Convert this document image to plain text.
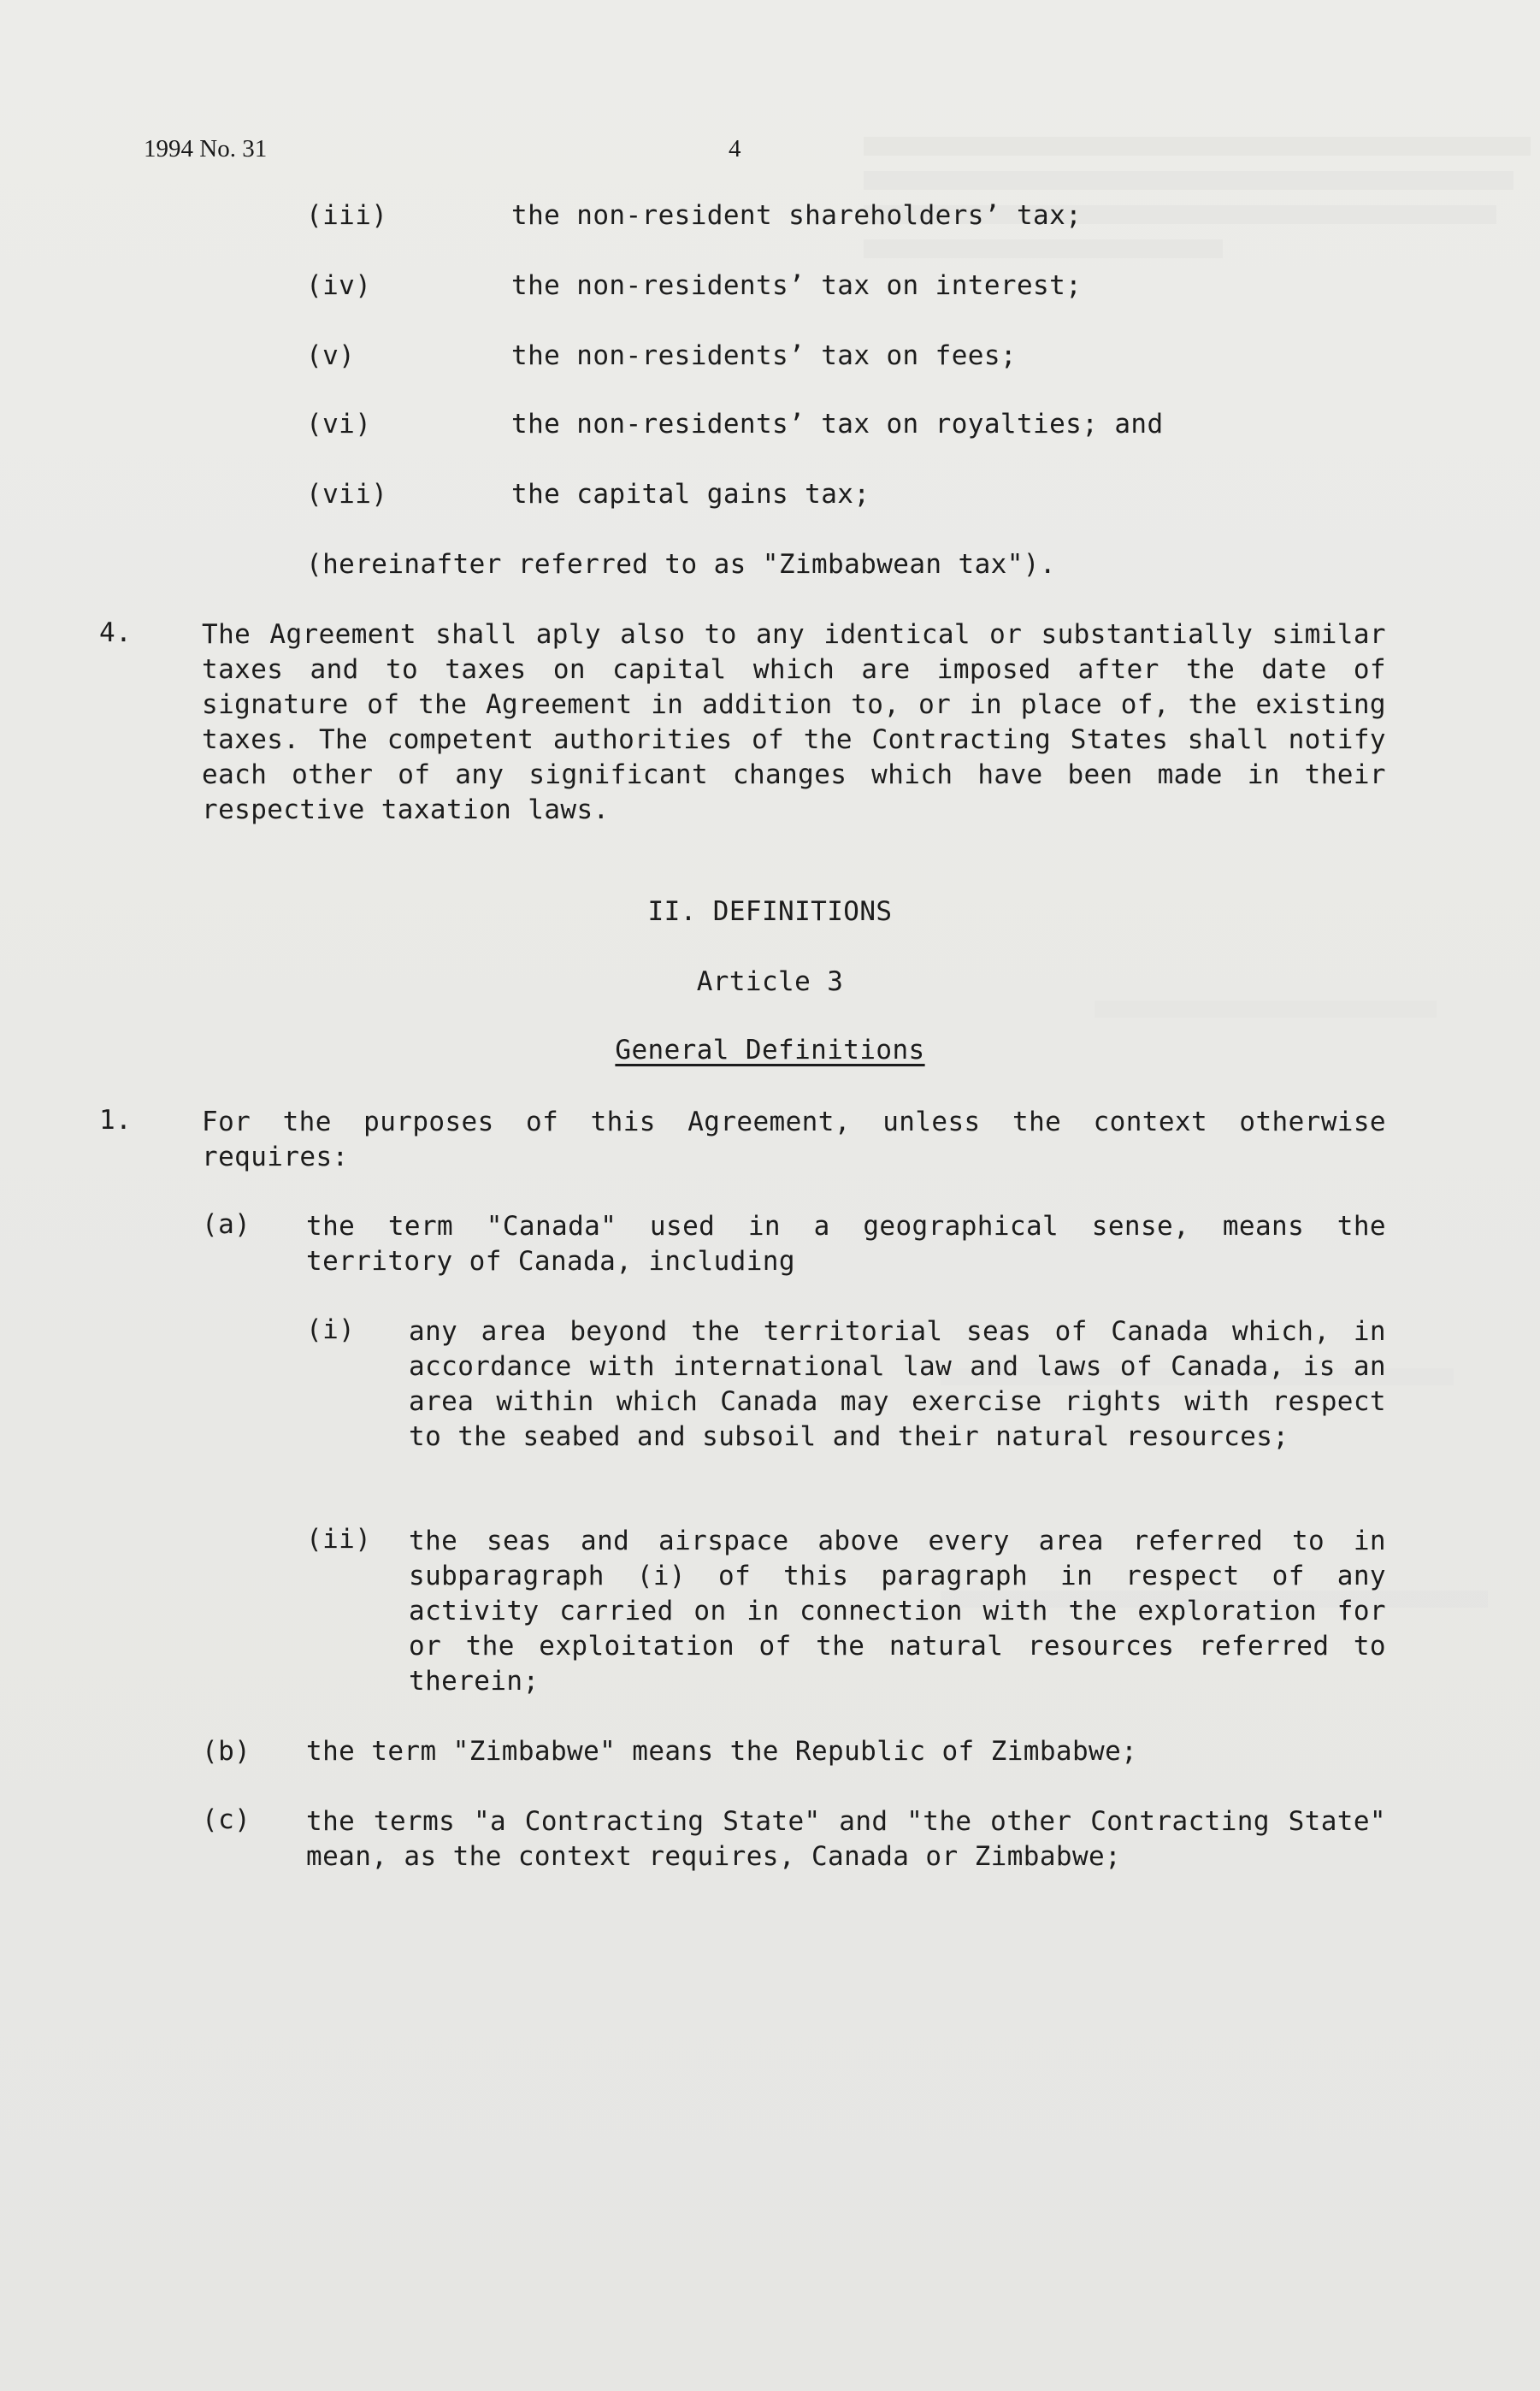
1994 No. 31	4
(iii)	the non-resident shareholders’ tax;
(iv)	the non-residents’ tax on interest;
(v)	the non-residents’ tax on fees;
(vi)	the non-residents’ tax on royalties; and
(vii)	the capital gains tax;
(hereinafter referred to as "Zimbabwean tax").
4.	The Agreement shall aply also to any identical or substantially similar taxes and to taxes on capital which are imposed after the date of signature of the Agreement in addition to, or in place of, the existing taxes. The competent authorities of the Contracting States shall notify each other of any significant changes which have been made in their respective taxation laws.
II. DEFINITIONS
Article 3
General Definitions
1.	For the purposes of this Agreement, unless the context otherwise requires:
(a) the term "Canada" used in a geographical sense, means the territory of Canada, including
(i) any area beyond the territorial seas of Canada which, in accordance with international law and laws of Canada, is an area within which Canada may exercise rights with respect to the seabed and subsoil and their natural resources;
(ii) the seas and airspace above every area referred to in subparagraph (i) of this paragraph in respect of any activity carried on in connection with the exploration for or the exploitation of the natural resources referred to therein;
(b) the term "Zimbabwe" means the Republic of Zimbabwe;
(c) the terms "a Contracting State" and "the other Contracting State" mean, as the context requires, Canada or Zimbabwe;
